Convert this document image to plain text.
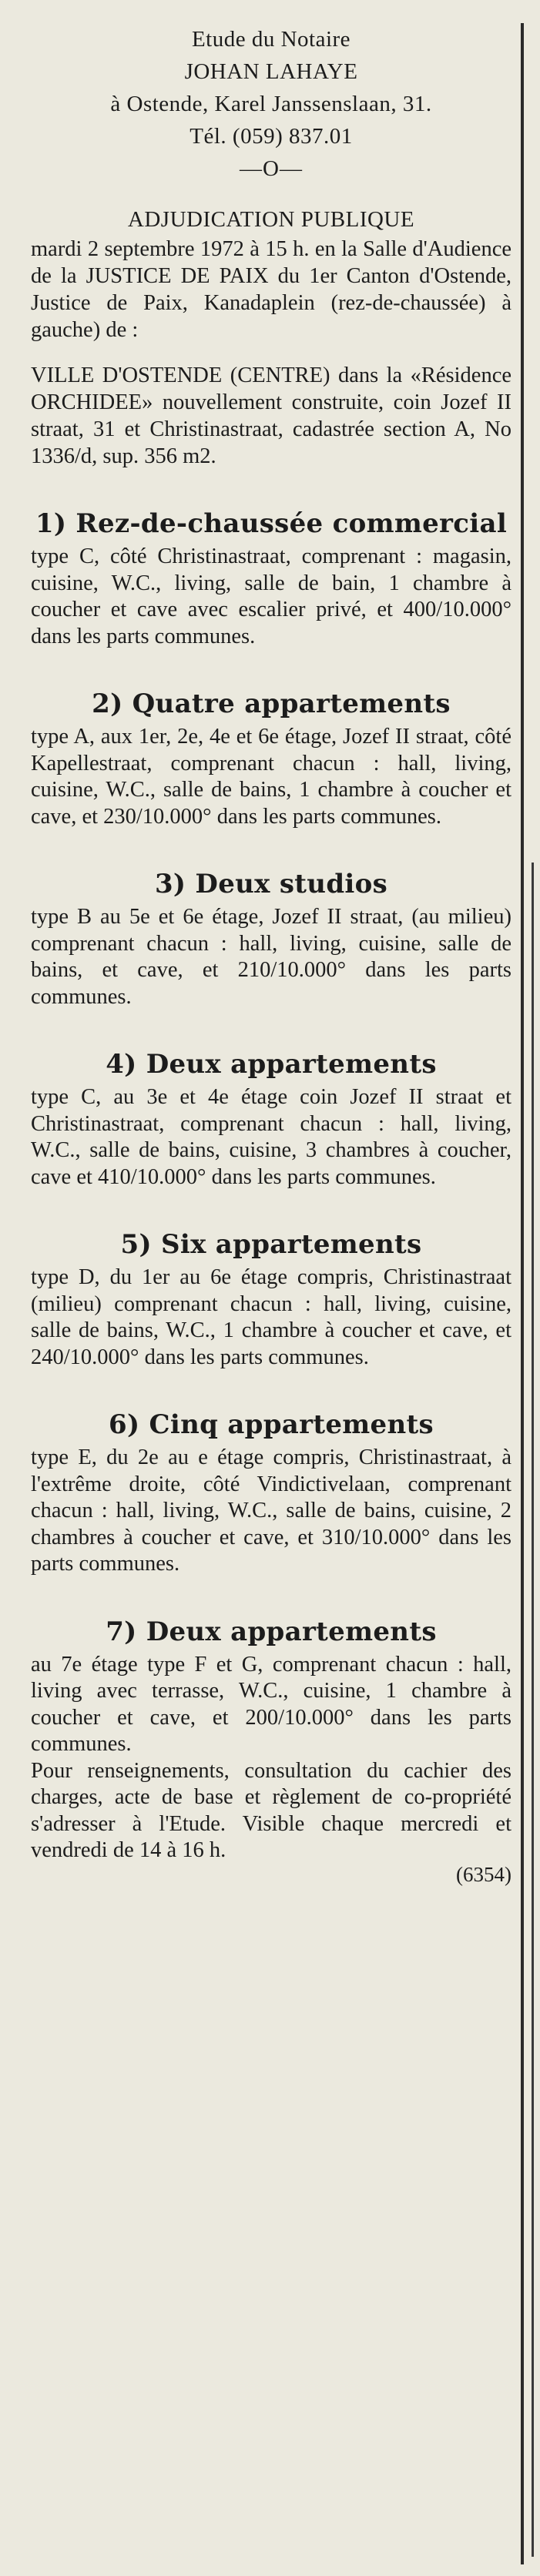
Etude du Notaire
JOHAN LAHAYE
à Ostende, Karel Janssenslaan, 31.
Tél. (059) 837.01
—O—
ADJUDICATION PUBLIQUE

mardi 2 septembre 1972 à 15 h. en la Salle d'Audience de la JUSTICE DE PAIX du 1er Canton d'Ostende, Justice de Paix, Kanadaplein (rez-de-chaussée) à gauche) de :

VILLE D'OSTENDE (CENTRE) dans la «Résidence ORCHIDEE» nouvellement construite, coin Jozef II straat, 31 et Christinastraat, cadastrée section A, No 1336/d, sup. 356 m2.

1) Rez-de-chaussée commercial

type C, côté Christinastraat, comprenant : magasin, cuisine, W.C., living, salle de bain, 1 chambre à coucher et cave avec escalier privé, et 400/10.000° dans les parts communes.

2) Quatre appartements

type A, aux 1er, 2e, 4e et 6e étage, Jozef II straat, côté Kapellestraat, comprenant chacun : hall, living, cuisine, W.C., salle de bains, 1 chambre à coucher et cave, et 230/10.000° dans les parts communes.

3) Deux studios

type B au 5e et 6e étage, Jozef II straat, (au milieu) comprenant chacun : hall, living, cuisine, salle de bains, et cave, et 210/10.000° dans les parts communes.

4) Deux appartements

type C, au 3e et 4e étage coin Jozef II straat et Christinastraat, comprenant chacun : hall, living, W.C., salle de bains, cuisine, 3 chambres à coucher, cave et 410/10.000° dans les parts communes.

5) Six appartements

type D, du 1er au 6e étage compris, Christinastraat (milieu) comprenant chacun : hall, living, cuisine, salle de bains, W.C., 1 chambre à coucher et cave, et 240/10.000° dans les parts communes.

6) Cinq appartements

type E, du 2e au e étage compris, Christinastraat, à l'extrême droite, côté Vindictivelaan, comprenant chacun : hall, living, W.C., salle de bains, cuisine, 2 chambres à coucher et cave, et 310/10.000° dans les parts communes.

7) Deux appartements

au 7e étage type F et G, comprenant chacun : hall, living avec terrasse, W.C., cuisine, 1 chambre à coucher et cave, et 200/10.000° dans les parts communes.

Pour renseignements, consultation du cachier des charges, acte de base et règlement de co-propriété s'adresser à l'Etude. Visible chaque mercredi et vendredi de 14 à 16 h.

(6354)
